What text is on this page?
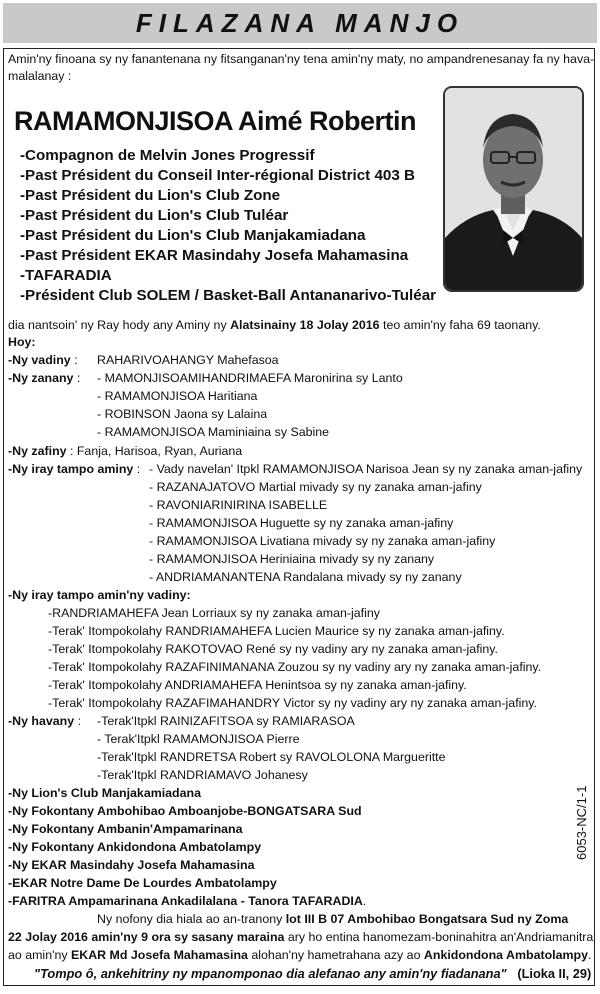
FILAZANA MANJO
Amin'ny finoana sy ny fanantenana ny fitsanganan'ny tena amin'ny maty, no ampandrenesanay fa ny hava-
malalanay :
RAMAMONJISOA Aimé Robertin
-Compagnon de Melvin Jones Progressif
-Past Président du Conseil Inter-régional District 403 B
-Past Président du Lion's Club Zone
-Past Président du Lion's Club Tuléar
-Past Président du Lion's Club Manjakamiadana
-Past Président EKAR Masindahy Josefa Mahamasina
-TAFARADIA
-Président Club SOLEM / Basket-Ball Antananarivo-Tuléar
dia nantsoin' ny Ray hody any Aminy ny Alatsinainy 18 Jolay 2016 teo amin'ny faha 69 taonany.
Hoy:
-Ny vadiny : RAHARIVOAHANGY Mahefasoa
-Ny zanany : - MAMONJISOAMIHANDRIMAEFA Maronirina sy Lanto
- RAMAMONJISOA Haritiana
- ROBINSON Jaona sy Lalaina
- RAMAMONJISOA Maminiaina sy Sabine
-Ny zafiny : Fanja, Harisoa, Ryan, Auriana
-Ny iray tampo aminy : - Vady navelan' Itpkl RAMAMONJISOA Narisoa Jean sy ny zanaka aman-jafiny
- RAZANAJATOVO Martial mivady sy ny zanaka aman-jafiny
- RAVONIARINIRINA ISABELLE
- RAMAMONJISOA Huguette sy ny zanaka aman-jafiny
- RAMAMONJISOA Livatiana mivady sy ny zanaka aman-jafiny
- RAMAMONJISOA Heriniaina mivady sy ny zanany
- ANDRIAMANANTENA Randalana mivady sy ny zanany
-Ny iray tampo amin'ny vadiny:
-RANDRIAMAHEFA Jean Lorriaux sy ny zanaka aman-jafiny
-Terak' Itompokolahy RANDRIAMAHEFA Lucien Maurice sy ny zanaka aman-jafiny.
-Terak' Itompokolahy RAKOTOVAO René sy ny vadiny ary ny zanaka aman-jafiny.
-Terak' Itompokolahy RAZAFINIMANANA Zouzou sy ny vadiny ary ny zanaka aman-jafiny.
-Terak' Itompokolahy ANDRIAMAHEFA Henintsoa sy ny zanaka aman-jafiny.
-Terak' Itompokolahy RAZAFIMAHANDRY Victor sy ny vadiny ary ny zanaka aman-jafiny.
-Ny havany : -Terak'Itpkl RAINIZAFITSOA sy RAMIARASOA
- Terak'Itpkl RAMAMONJISOA Pierre
-Terak'Itpkl RANDRETSA Robert sy RAVOLOLONA Margueritte
-Terak'Itpkl RANDRIAMAVO Johanesy
-Ny Lion's Club Manjakamiadana
-Ny Fokontany Ambohibao Amboanjobe-BONGATSARA Sud
-Ny Fokontany Ambanin'Ampamarinana
-Ny Fokontany Ankidondona Ambatolampy
-Ny EKAR Masindahy Josefa Mahamasina
-EKAR Notre Dame De Lourdes Ambatolampy
-FARITRA Ampamarinana Ankadilalana - Tanora TAFARADIA.
Ny nofony dia hiala ao an-tranony lot III B 07 Ambohibao Bongatsara Sud ny Zoma
22 Jolay 2016 amin'ny 9 ora sy sasany maraina ary ho entina hanomezam-boninahitra an'Andriamanitra
ao amin'ny EKAR Md Josefa Mahamasina alohan'ny hametrahana azy ao Ankidondona Ambatolampy.
"Tompo ô, ankehitriny ny mpanomponao dia alefanao any amin'ny fiadanana" (Lioka II, 29)
6053-NC/1-1
